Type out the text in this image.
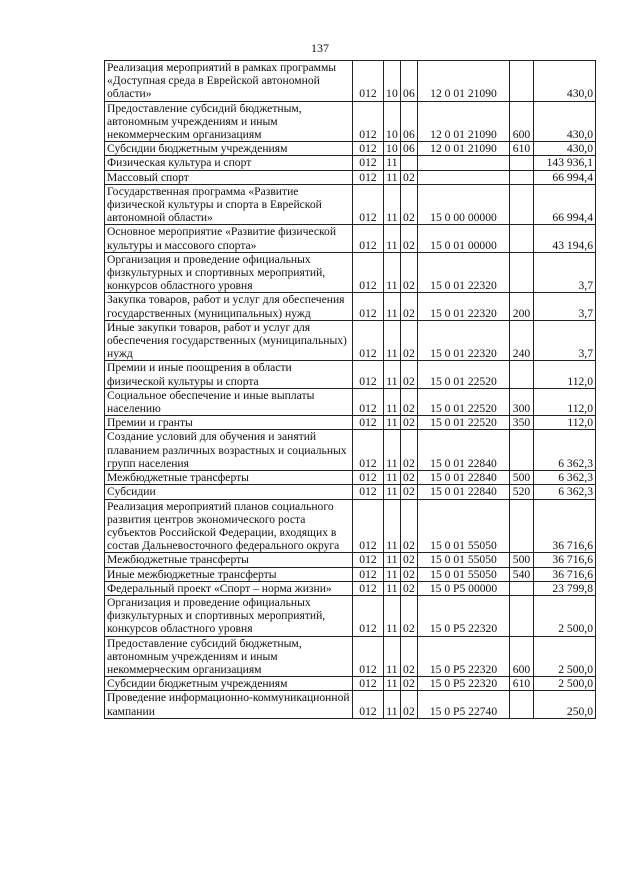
137
Реализация мероприятий в рамках программы «Доступная среда в Еврейской автономной области»	012	10	06	12 0 01 21090		430,0
Предоставление субсидий бюджетным, автономным учреждениям и иным некоммерческим организациям	012	10	06	12 0 01 21090	600	430,0
Субсидии бюджетным учреждениям	012	10	06	12 0 01 21090	610	430,0
Физическая культура и спорт	012	11				143 936,1
Массовый спорт	012	11	02			66 994,4
Государственная программа «Развитие физической культуры и спорта в Еврейской автономной области»	012	11	02	15 0 00 00000		66 994,4
Основное мероприятие «Развитие физической культуры и массового спорта»	012	11	02	15 0 01 00000		43 194,6
Организация и проведение официальных физкультурных и спортивных мероприятий, конкурсов областного уровня	012	11	02	15 0 01 22320		3,7
Закупка товаров, работ и услуг для обеспечения государственных (муниципальных) нужд	012	11	02	15 0 01 22320	200	3,7
Иные закупки товаров, работ и услуг для обеспечения государственных (муниципальных) нужд	012	11	02	15 0 01 22320	240	3,7
Премии и иные поощрения в области физической культуры и спорта	012	11	02	15 0 01 22520		112,0
Социальное обеспечение и иные выплаты населению	012	11	02	15 0 01 22520	300	112,0
Премии и гранты	012	11	02	15 0 01 22520	350	112,0
Создание условий для обучения и занятий плаванием различных возрастных и социальных групп населения	012	11	02	15 0 01 22840		6 362,3
Межбюджетные трансферты	012	11	02	15 0 01 22840	500	6 362,3
Субсидии	012	11	02	15 0 01 22840	520	6 362,3
Реализация мероприятий планов социального развития центров экономического роста субъектов Российской Федерации, входящих в состав Дальневосточного федерального округа	012	11	02	15 0 01 55050		36 716,6
Межбюджетные трансферты	012	11	02	15 0 01 55050	500	36 716,6
Иные межбюджетные трансферты	012	11	02	15 0 01 55050	540	36 716,6
Федеральный проект «Спорт – норма жизни»	012	11	02	15 0 P5 00000		23 799,8
Организация и проведение официальных физкультурных и спортивных мероприятий, конкурсов областного уровня	012	11	02	15 0 P5 22320		2 500,0
Предоставление субсидий бюджетным, автономным учреждениям и иным некоммерческим организациям	012	11	02	15 0 P5 22320	600	2 500,0
Субсидии бюджетным учреждениям	012	11	02	15 0 P5 22320	610	2 500,0
Проведение информационно-коммуникационной кампании	012	11	02	15 0 P5 22740		250,0
